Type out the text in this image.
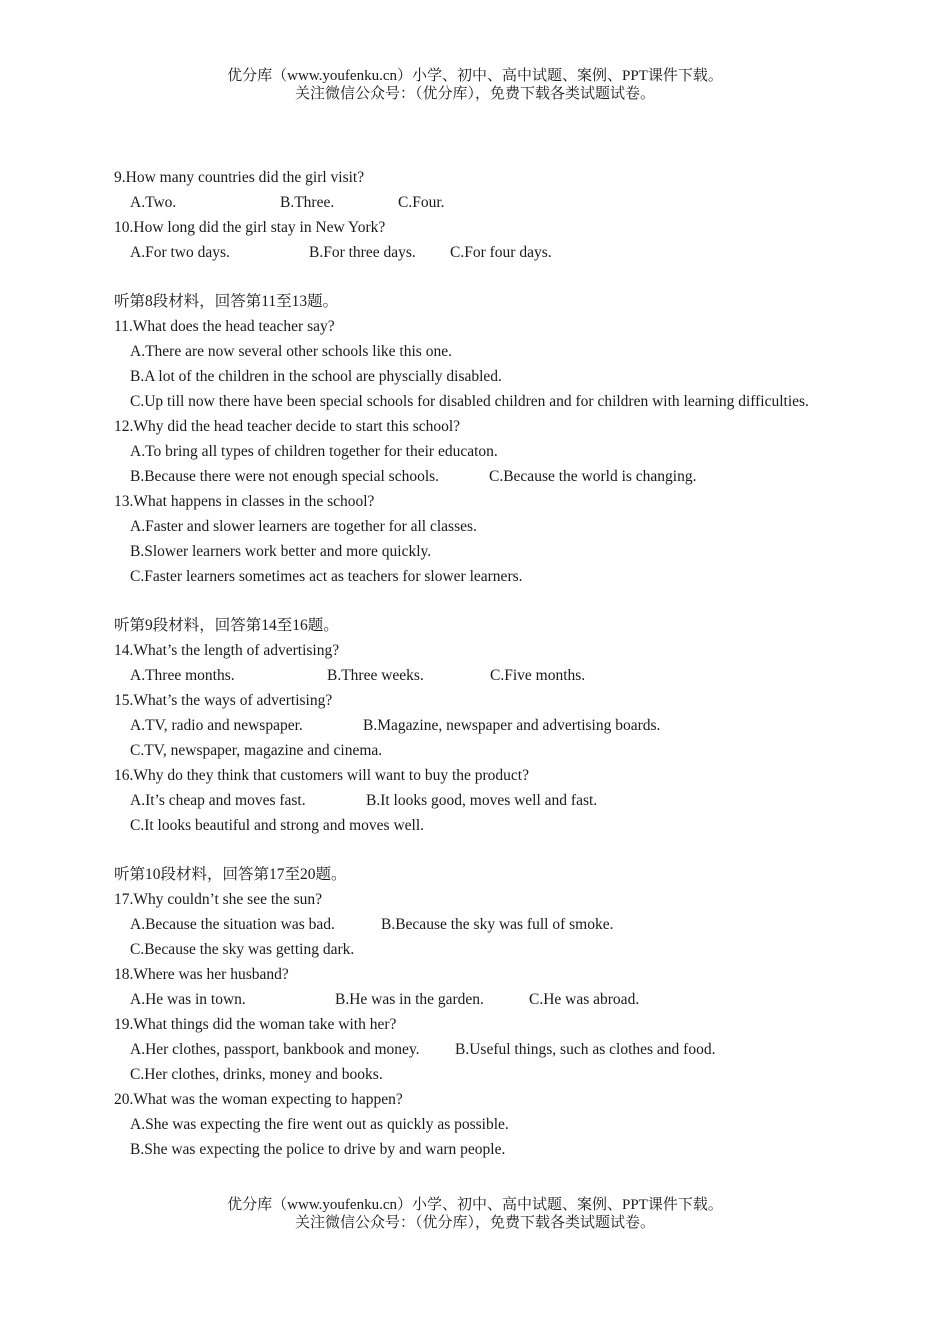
优分库（www.youfenku.cn）小学、初中、高中试题、案例、PPT课件下载。
关注微信公众号：（优分库），免费下载各类试题试卷。
9.How many countries did the girl visit?
A.Two.	B.Three.	C.Four.
10.How long did the girl stay in New York?
A.For two days.	B.For three days. C.For four days.
听第8段材料，回答第11至13题。
11.What does the head teacher say?
A.There are now several other schools like this one.
B.A lot of the children in the school are physcially disabled.
C.Up till now there have been special schools for disabled children and for children with learning difficulties.
12.Why did the head teacher decide to start this school?
A.To bring all types of children together for their educaton.
B.Because there were not enough special schools.	C.Because the world is changing.
13.What happens in classes in the school?
A.Faster and slower learners are together for all classes.
B.Slower learners work better and more quickly.
C.Faster learners sometimes act as teachers for slower learners.
听第9段材料，回答第14至16题。
14.What’s the length of advertising?
A.Three months.	B.Three weeks.	C.Five months.
15.What’s the ways of advertising?
A.TV, radio and newspaper.	B.Magazine, newspaper and advertising boards.
C.TV, newspaper, magazine and cinema.
16.Why do they think that customers will want to buy the product?
A.It’s cheap and moves fast.	B.It looks good, moves well and fast.
C.It looks beautiful and strong and moves well.
听第10段材料，回答第17至20题。
17.Why couldn’t she see the sun?
A.Because the situation was bad.	B.Because the sky was full of smoke.
C.Because the sky was getting dark.
18.Where was her husband?
A.He was in town.	B.He was in the garden.	C.He was abroad.
19.What things did the woman take with her?
A.Her clothes, passport, bankbook and money. B.Useful things, such as clothes and food.
C.Her clothes, drinks, money and books.
20.What was the woman expecting to happen?
A.She was expecting the fire went out as quickly as possible.
B.She was expecting the police to drive by and warn people.
优分库（www.youfenku.cn）小学、初中、高中试题、案例、PPT课件下载。
关注微信公众号：（优分库），免费下载各类试题试卷。
